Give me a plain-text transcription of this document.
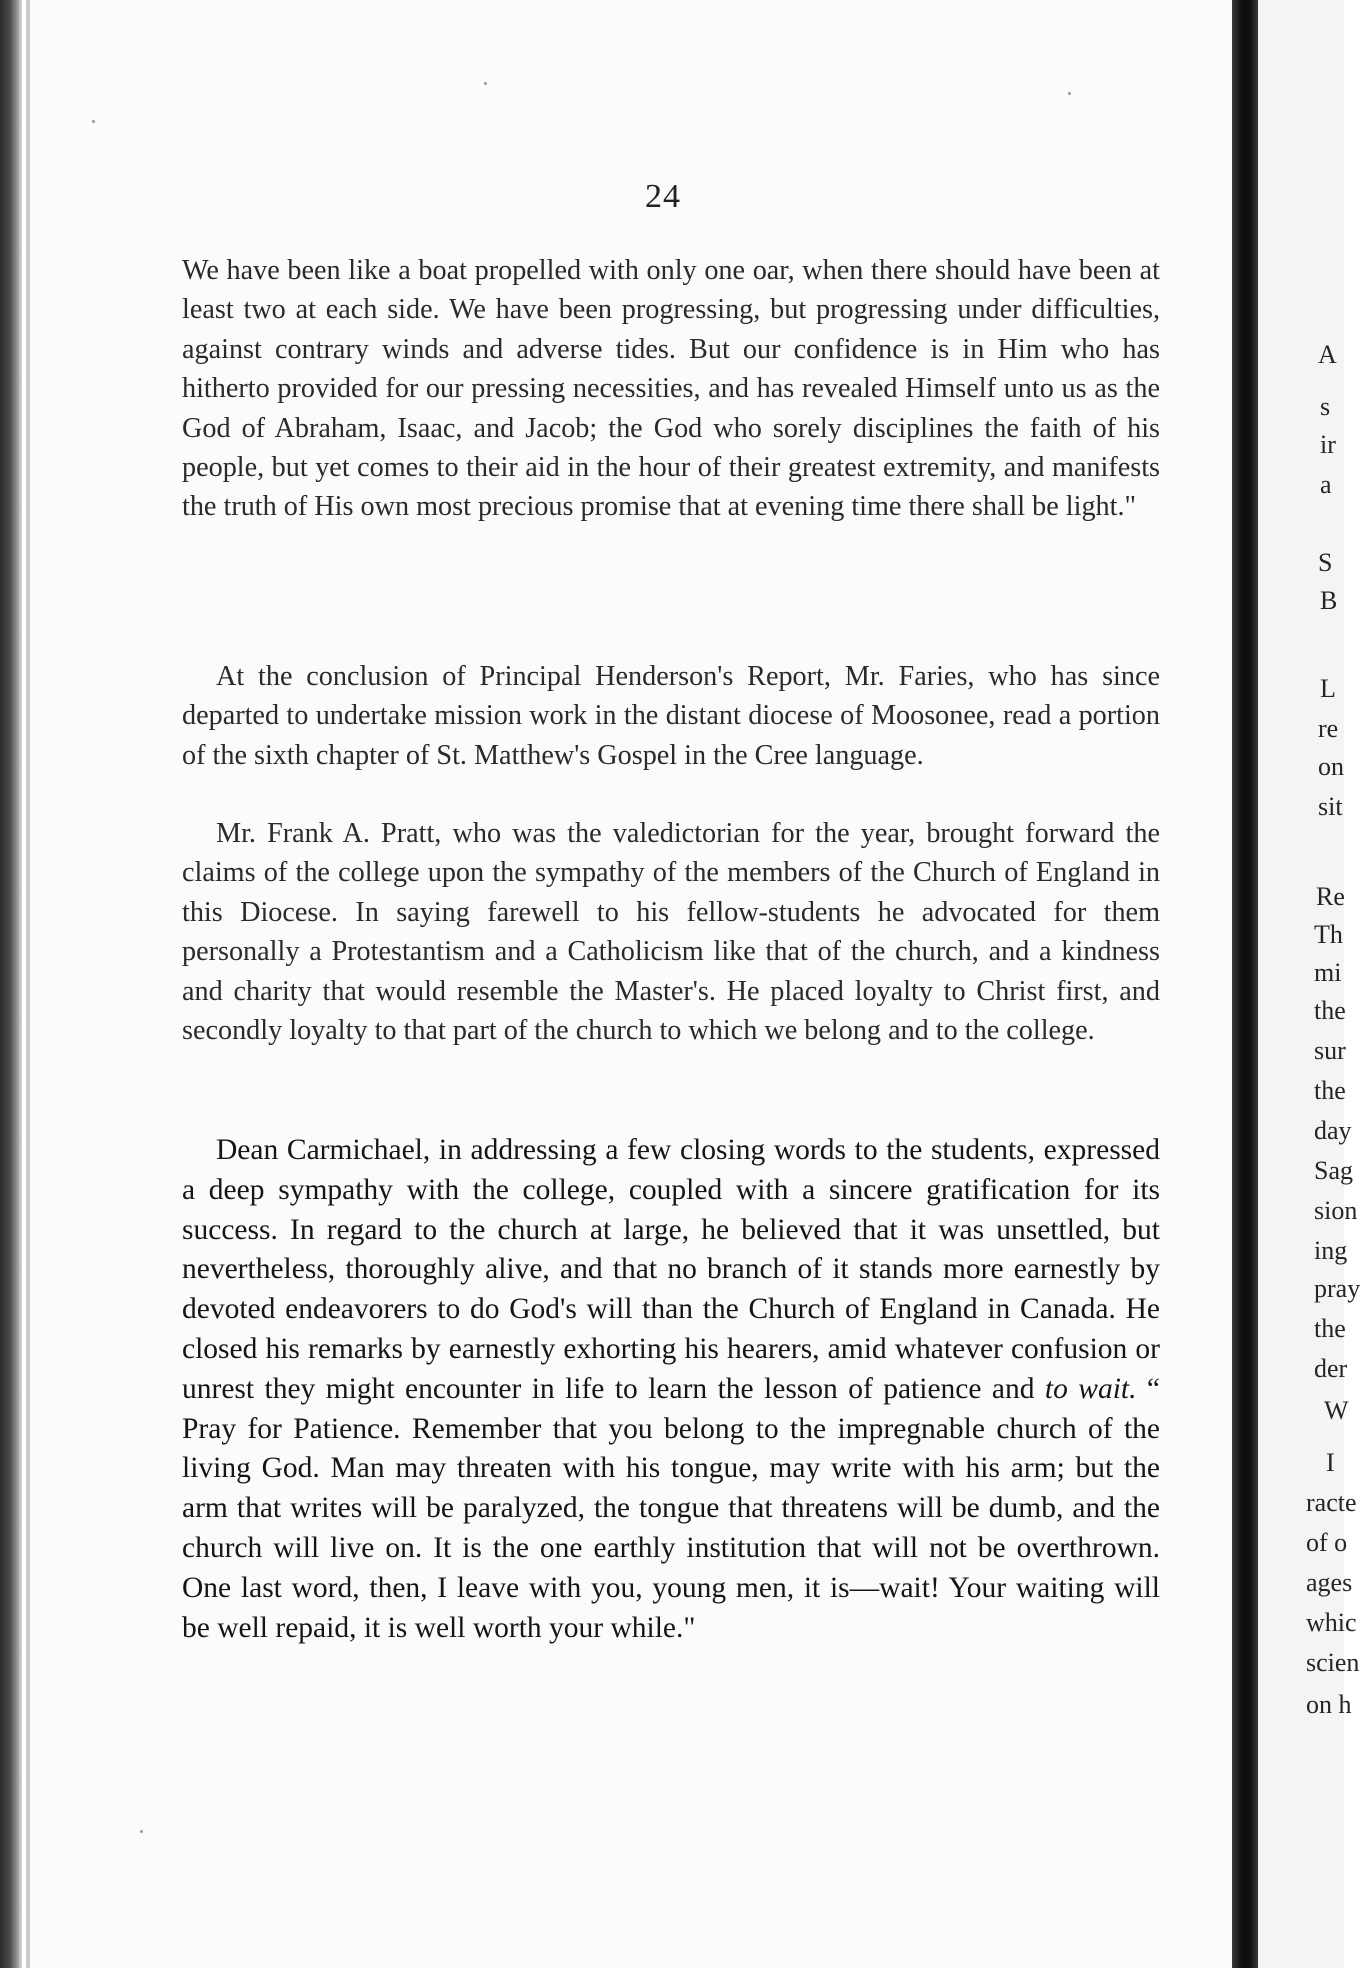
A
s
ir
a
S
B
L
re
on
sit
Re
Th
mi
the
sur
the
day
Sag
sion
ing
pray
the
der
W
I
racte
of o
ages
whic
scien
on h
24

We have been like a boat propelled with only one oar, when there should have been at least two at each side. We have been progressing, but progressing under difficulties, against contrary winds and adverse tides. But our confidence is in Him who has hitherto provided for our pressing necessities, and has revealed Himself unto us as the God of Abraham, Isaac, and Jacob; the God who sorely disciplines the faith of his people, but yet comes to their aid in the hour of their greatest extremity, and manifests the truth of His own most precious promise that at evening time there shall be light."

At the conclusion of Principal Henderson's Report, Mr. Faries, who has since departed to undertake mission work in the distant diocese of Moosonee, read a portion of the sixth chapter of St. Matthew's Gospel in the Cree language.

Mr. Frank A. Pratt, who was the valedictorian for the year, brought forward the claims of the college upon the sympathy of the members of the Church of England in this Diocese. In saying farewell to his fellow-students he advocated for them personally a Protestantism and a Catholicism like that of the church, and a kindness and charity that would resemble the Master's. He placed loyalty to Christ first, and secondly loyalty to that part of the church to which we belong and to the college.

Dean Carmichael, in addressing a few closing words to the students, expressed a deep sympathy with the college, coupled with a sincere gratification for its success. In regard to the church at large, he believed that it was unsettled, but nevertheless, thoroughly alive, and that no branch of it stands more earnestly by devoted endeavorers to do God's will than the Church of England in Canada. He closed his remarks by earnestly exhorting his hearers, amid whatever confusion or unrest they might encounter in life to learn the lesson of patience and to wait. “ Pray for Patience. Remember that you belong to the impregnable church of the living God. Man may threaten with his tongue, may write with his arm; but the arm that writes will be paralyzed, the tongue that threatens will be dumb, and the church will live on. It is the one earthly institution that will not be overthrown. One last word, then, I leave with you, young men, it is—wait! Your waiting will be well repaid, it is well worth your while."
